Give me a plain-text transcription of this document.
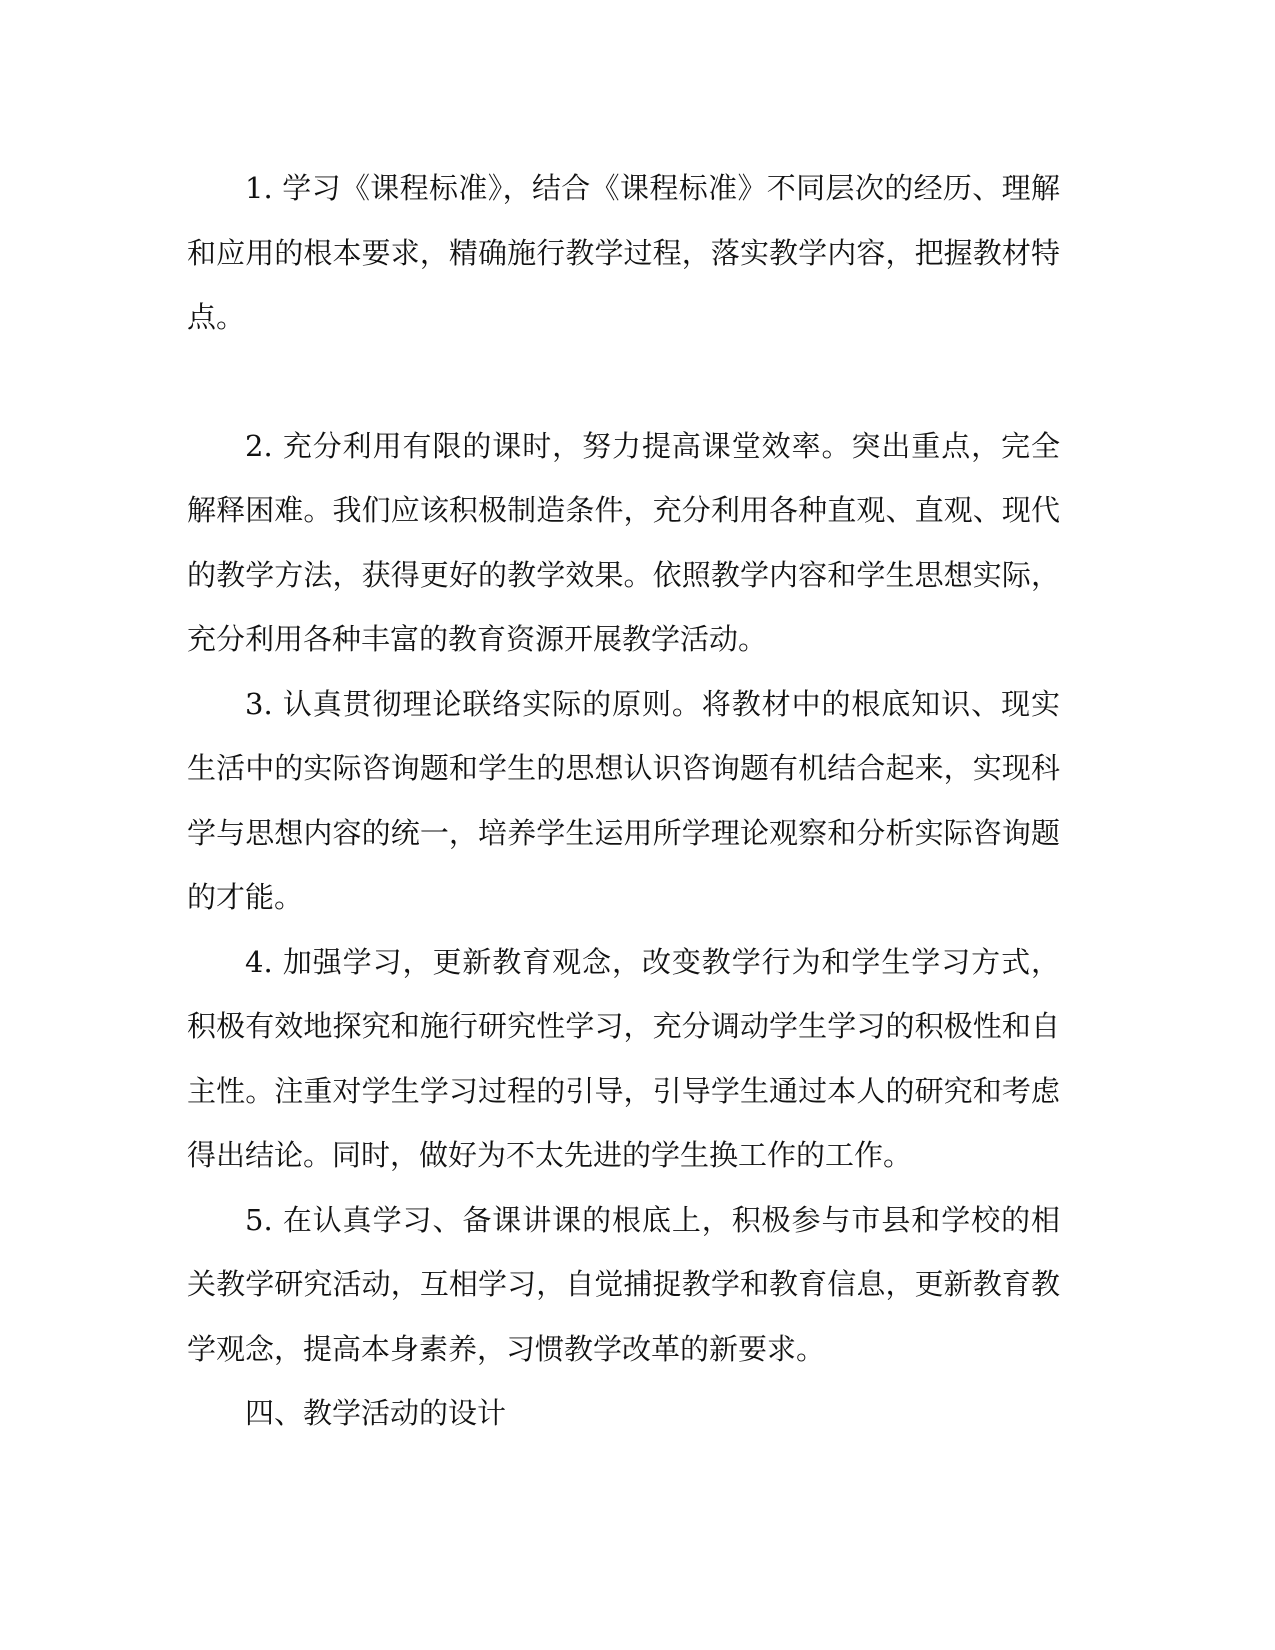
1. 学习《课程标准》，结合《课程标准》不同层次的经历、理解和应用的根本要求，精确施行教学过程，落实教学内容，把握教材特点。

2. 充分利用有限的课时，努力提高课堂效率。突出重点，完全解释困难。我们应该积极制造条件，充分利用各种直观、直观、现代的教学方法，获得更好的教学效果。依照教学内容和学生思想实际，充分利用各种丰富的教育资源开展教学活动。

3. 认真贯彻理论联络实际的原则。将教材中的根底知识、现实生活中的实际咨询题和学生的思想认识咨询题有机结合起来，实现科学与思想内容的统一，培养学生运用所学理论观察和分析实际咨询题的才能。

4. 加强学习，更新教育观念，改变教学行为和学生学习方式，积极有效地探究和施行研究性学习，充分调动学生学习的积极性和自主性。注重对学生学习过程的引导，引导学生通过本人的研究和考虑得出结论。同时，做好为不太先进的学生换工作的工作。

5. 在认真学习、备课讲课的根底上，积极参与市县和学校的相关教学研究活动，互相学习，自觉捕捉教学和教育信息，更新教育教学观念，提高本身素养，习惯教学改革的新要求。

四、教学活动的设计
